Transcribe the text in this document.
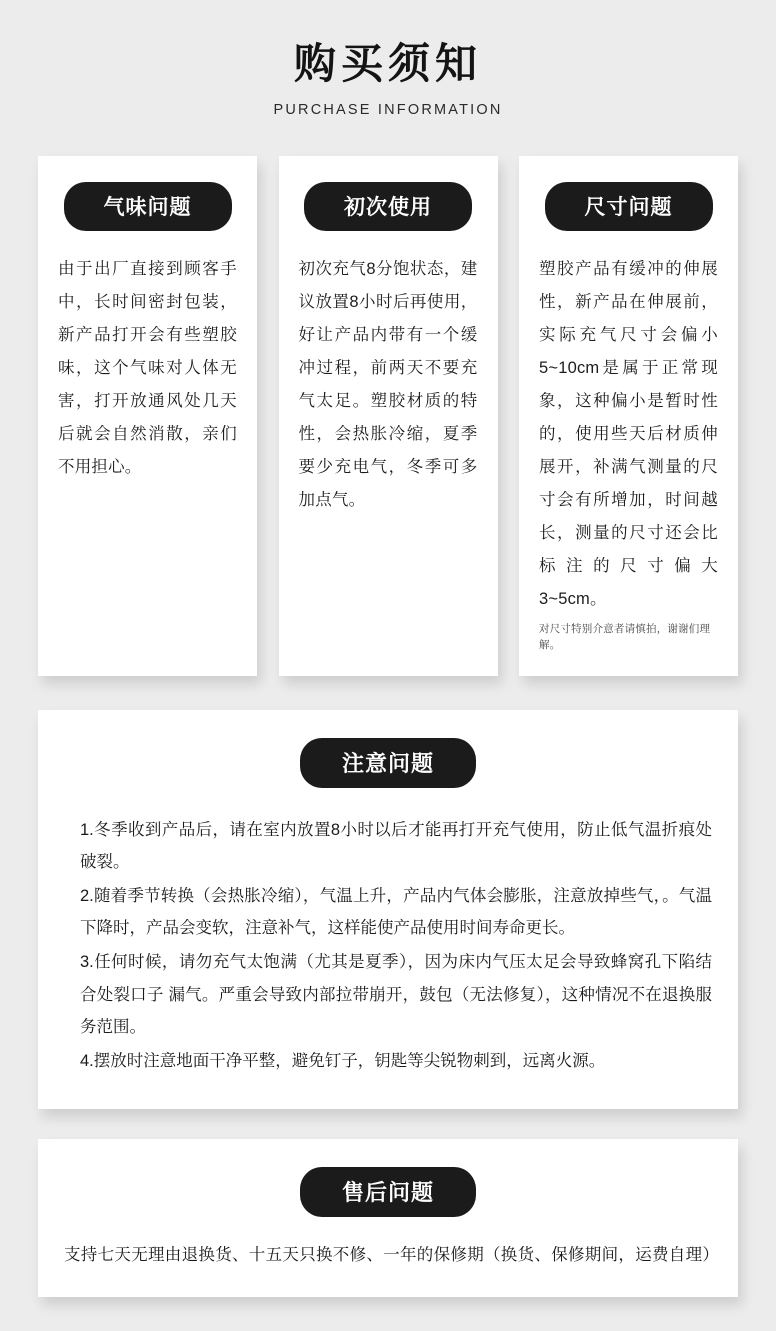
购买须知
PURCHASE INFORMATION
气味问题
由于出厂直接到顾客手中，长时间密封包装，新产品打开会有些塑胶味，这个气味对人体无害，打开放通风处几天后就会自然消散，亲们不用担心。
初次使用
初次充气8分饱状态，建议放置8小时后再使用，好让产品内带有一个缓冲过程，前两天不要充气太足。塑胶材质的特性，会热胀冷缩，夏季要少充电气，冬季可多加点气。
尺寸问题
塑胶产品有缓冲的伸展性，新产品在伸展前，实际充气尺寸会偏小5~10cm是属于正常现象，这种偏小是暂时性的，使用些天后材质伸展开，补满气测量的尺寸会有所增加，时间越长，测量的尺寸还会比标注的尺寸偏大3~5cm。
对尺寸特别介意者请慎拍，谢谢们理解。
注意问题
1.冬季收到产品后，请在室内放置8小时以后才能再打开充气使用，防止低气温折痕处破裂。
2.随着季节转换（会热胀冷缩），气温上升，产品内气体会膨胀，注意放掉些气，。气温下降时，产品会变软，注意补气，这样能使产品使用时间寿命更长。
3.任何时候，请勿充气太饱满（尤其是夏季），因为床内气压太足会导致蜂窝孔下陷结合处裂口子 漏气。严重会导致内部拉带崩开，鼓包（无法修复），这种情况不在退换服务范围。
4.摆放时注意地面干净平整，避免钉子，钥匙等尖锐物刺到，远离火源。
售后问题
支持七天无理由退换货、十五天只换不修、一年的保修期（换货、保修期间，运费自理）
